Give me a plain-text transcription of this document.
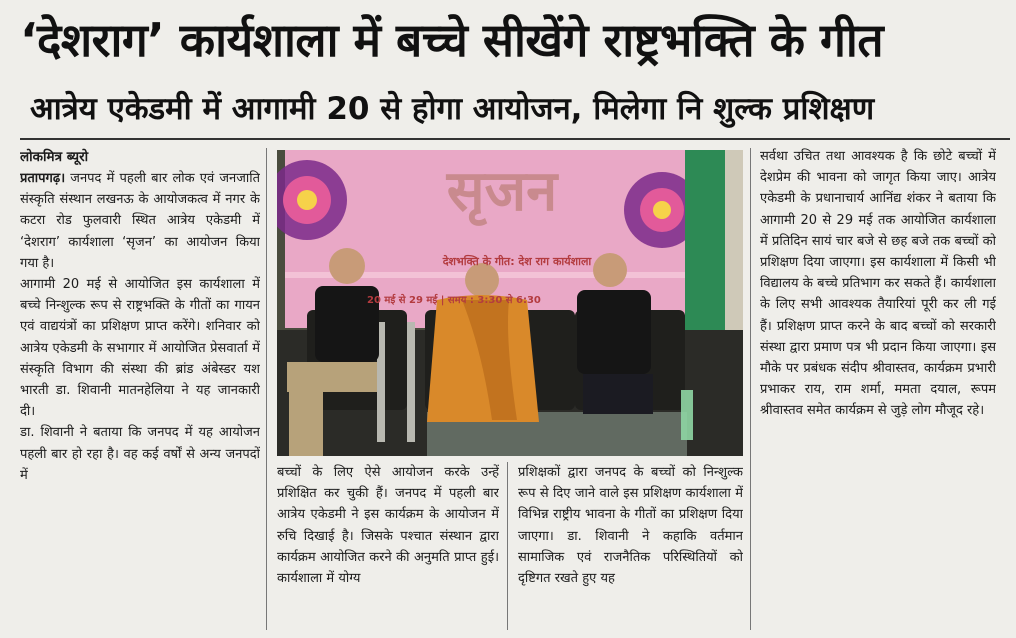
‘देशराग’ कार्यशाला में बच्चे सीखेंगे राष्ट्रभक्ति के गीत
आत्रेय एकेडमी में आगामी 20 से होगा आयोजन, मिलेगा नि शुल्क प्रशिक्षण
लोकमित्र ब्यूरो

प्रतापगढ़। जनपद में पहली बार लोक एवं जनजाति संस्कृति संस्थान लखनऊ के आयोजकत्व में नगर के कटरा रोड फुलवारी स्थित आत्रेय एकेडमी में ‘देशराग’ कार्यशाला ‘सृजन’ का आयोजन किया गया है।

आगामी 20 मई से आयोजित इस कार्यशाला में बच्चे निन्शुल्क रूप से राष्ट्रभक्ति के गीतों का गायन एवं वाद्ययंत्रों का प्रशिक्षण प्राप्त करेंगे। शनिवार को आत्रेय एकेडमी के सभागार में आयोजित प्रेसवार्ता में संस्कृति विभाग की संस्था की ब्रांड अंबेस्डर यश भारती डा. शिवानी मातनहेलिया ने यह जानकारी दी।

डा. शिवानी ने बताया कि जनपद में यह आयोजन पहली बार हो रहा है। वह कई वर्षों से अन्य जनपदों में

सृजन
देशभक्ति के गीत: देश राग कार्यशाला
20 मई से 29 मई | समय : 3:30 से 6:30

बच्चों के लिए ऐसे आयोजन करके उन्हें प्रशिक्षित कर चुकी हैं। जनपद में पहली बार आत्रेय एकेडमी ने इस कार्यक्रम के आयोजन में रुचि दिखाई है। जिसके पश्चात संस्थान द्वारा कार्यक्रम आयोजित करने की अनुमति प्राप्त हुई। कार्यशाला में योग्य

प्रशिक्षकों द्वारा जनपद के बच्चों को निन्शुल्क रूप से दिए जाने वाले इस प्रशिक्षण कार्यशाला में विभिन्न राष्ट्रीय भावना के गीतों का प्रशिक्षण दिया जाएगा। डा. शिवानी ने कहाकि वर्तमान सामाजिक एवं राजनैतिक परिस्थितियों को दृष्टिगत रखते हुए यह

सर्वथा उचित तथा आवश्यक है कि छोटे बच्चों में देशप्रेम की भावना को जागृत किया जाए। आत्रेय एकेडमी के प्रधानाचार्य आनिंद्य शंकर ने बताया कि आगामी 20 से 29 मई तक आयोजित कार्यशाला में प्रतिदिन सायं चार बजे से छह बजे तक बच्चों को प्रशिक्षण दिया जाएगा। इस कार्यशाला में किसी भी विद्यालय के बच्चे प्रतिभाग कर सकते हैं। कार्यशाला के लिए सभी आवश्यक तैयारियां पूरी कर ली गई हैं। प्रशिक्षण प्राप्त करने के बाद बच्चों को सरकारी संस्था द्वारा प्रमाण पत्र भी प्रदान किया जाएगा। इस मौके पर प्रबंधक संदीप श्रीवास्तव, कार्यक्रम प्रभारी प्रभाकर राय, राम शर्मा, ममता दयाल, रूपम श्रीवास्तव समेत कार्यक्रम से जुड़े लोग मौजूद रहे।
